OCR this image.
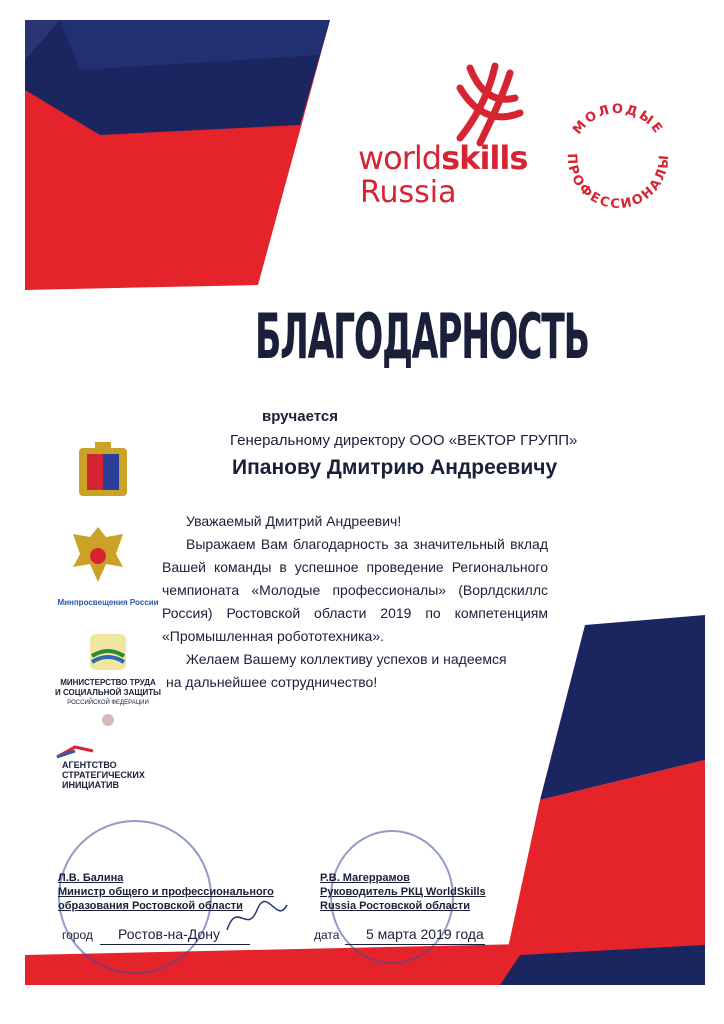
worldskills
Russia
МОЛОДЫЕ
ПРОФЕССИОНАЛЫ
БЛАГОДАРНОСТЬ
вручается
Генеральному директору ООО «ВЕКТОР ГРУПП»
Ипанову Дмитрию Андреевичу
Минпросвещения России
МИНИСТЕРСТВО ТРУДА
И СОЦИАЛЬНОЙ ЗАЩИТЫ
РОССИЙСКОЙ ФЕДЕРАЦИИ
АГЕНТСТВО
СТРАТЕГИЧЕСКИХ
ИНИЦИАТИВ

Уважаемый Дмитрий Андреевич!

Выражаем Вам благодарность за значительный вклад Вашей команды в успешное проведение Регионального чемпионата «Молодые профессионалы» (Ворлдскиллс Россия) Ростовской области 2019 по компетенциям «Промышленная робототехника».

Желаем Вашему коллективу успехов и надеемся

на дальнейшее сотрудничество!

Л.В. Балина
Министр общего и профессионального
образования Ростовской области
город Ростов-на-Дону
Р.В. Магеррамов
Руководитель РКЦ WorldSkills
Russia Ростовской области
дата 5 марта 2019 года
